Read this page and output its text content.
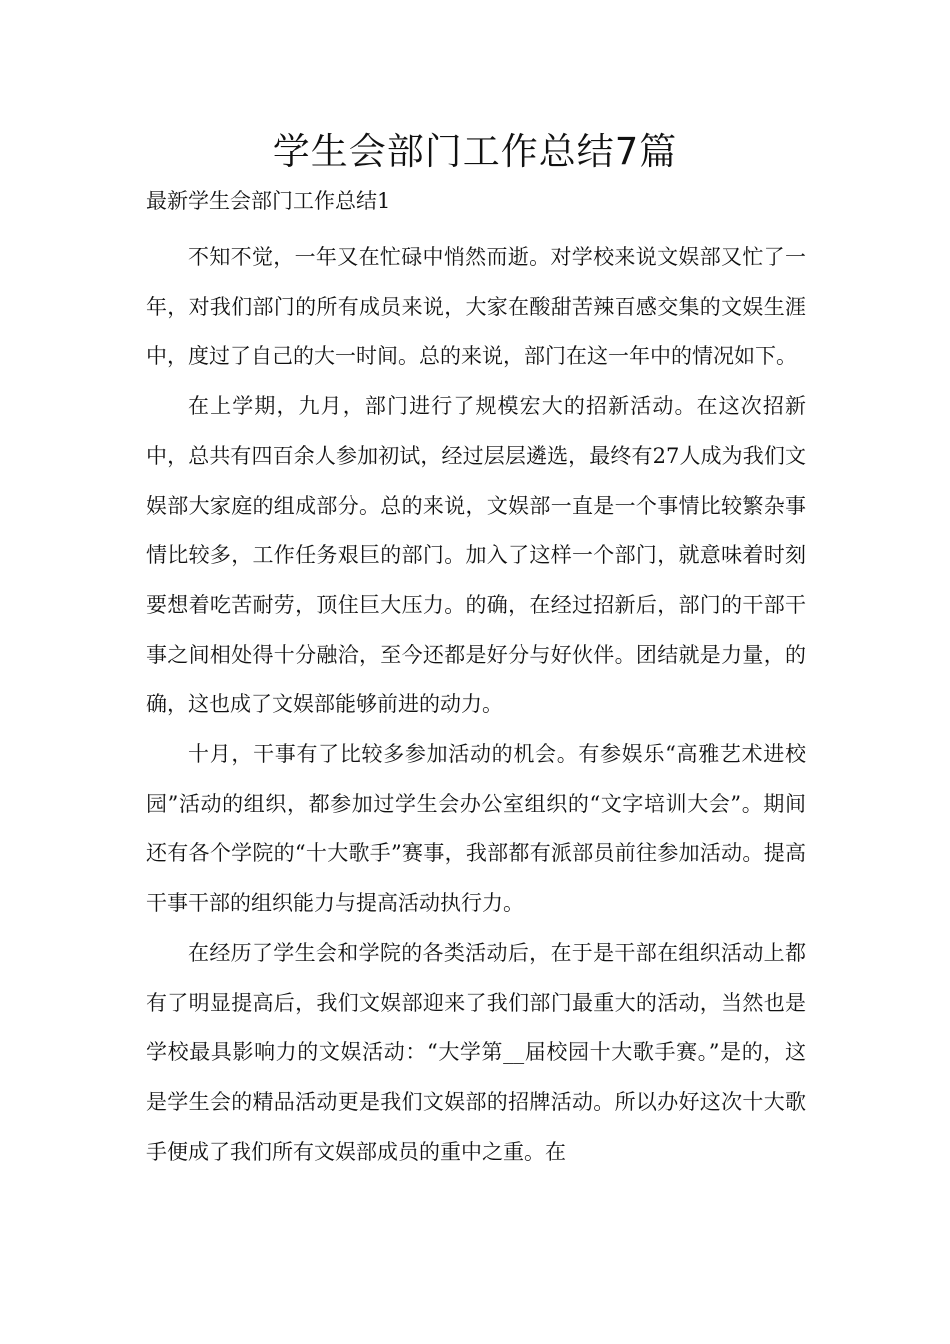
学生会部门工作总结7篇
最新学生会部门工作总结1

不知不觉，一年又在忙碌中悄然而逝。对学校来说文娱部又忙了一年，对我们部门的所有成员来说，大家在酸甜苦辣百感交集的文娱生涯中，度过了自己的大一时间。总的来说，部门在这一年中的情况如下。

在上学期，九月，部门进行了规模宏大的招新活动。在这次招新中，总共有四百余人参加初试，经过层层遴选，最终有27人成为我们文娱部大家庭的组成部分。总的来说，文娱部一直是一个事情比较繁杂事情比较多，工作任务艰巨的部门。加入了这样一个部门，就意味着时刻要想着吃苦耐劳，顶住巨大压力。的确，在经过招新后，部门的干部干事之间相处得十分融洽，至今还都是好分与好伙伴。团结就是力量，的确，这也成了文娱部能够前进的动力。

十月，干事有了比较多参加活动的机会。有参娱乐“高雅艺术进校园”活动的组织，都参加过学生会办公室组织的“文字培训大会”。期间还有各个学院的“十大歌手”赛事，我部都有派部员前往参加活动。提高干事干部的组织能力与提高活动执行力。

在经历了学生会和学院的各类活动后，在于是干部在组织活动上都有了明显提高后，我们文娱部迎来了我们部门最重大的活动，当然也是学校最具影响力的文娱活动：“大学第__届校园十大歌手赛。”是的，这是学生会的精品活动更是我们文娱部的招牌活动。所以办好这次十大歌手便成了我们所有文娱部成员的重中之重。在
